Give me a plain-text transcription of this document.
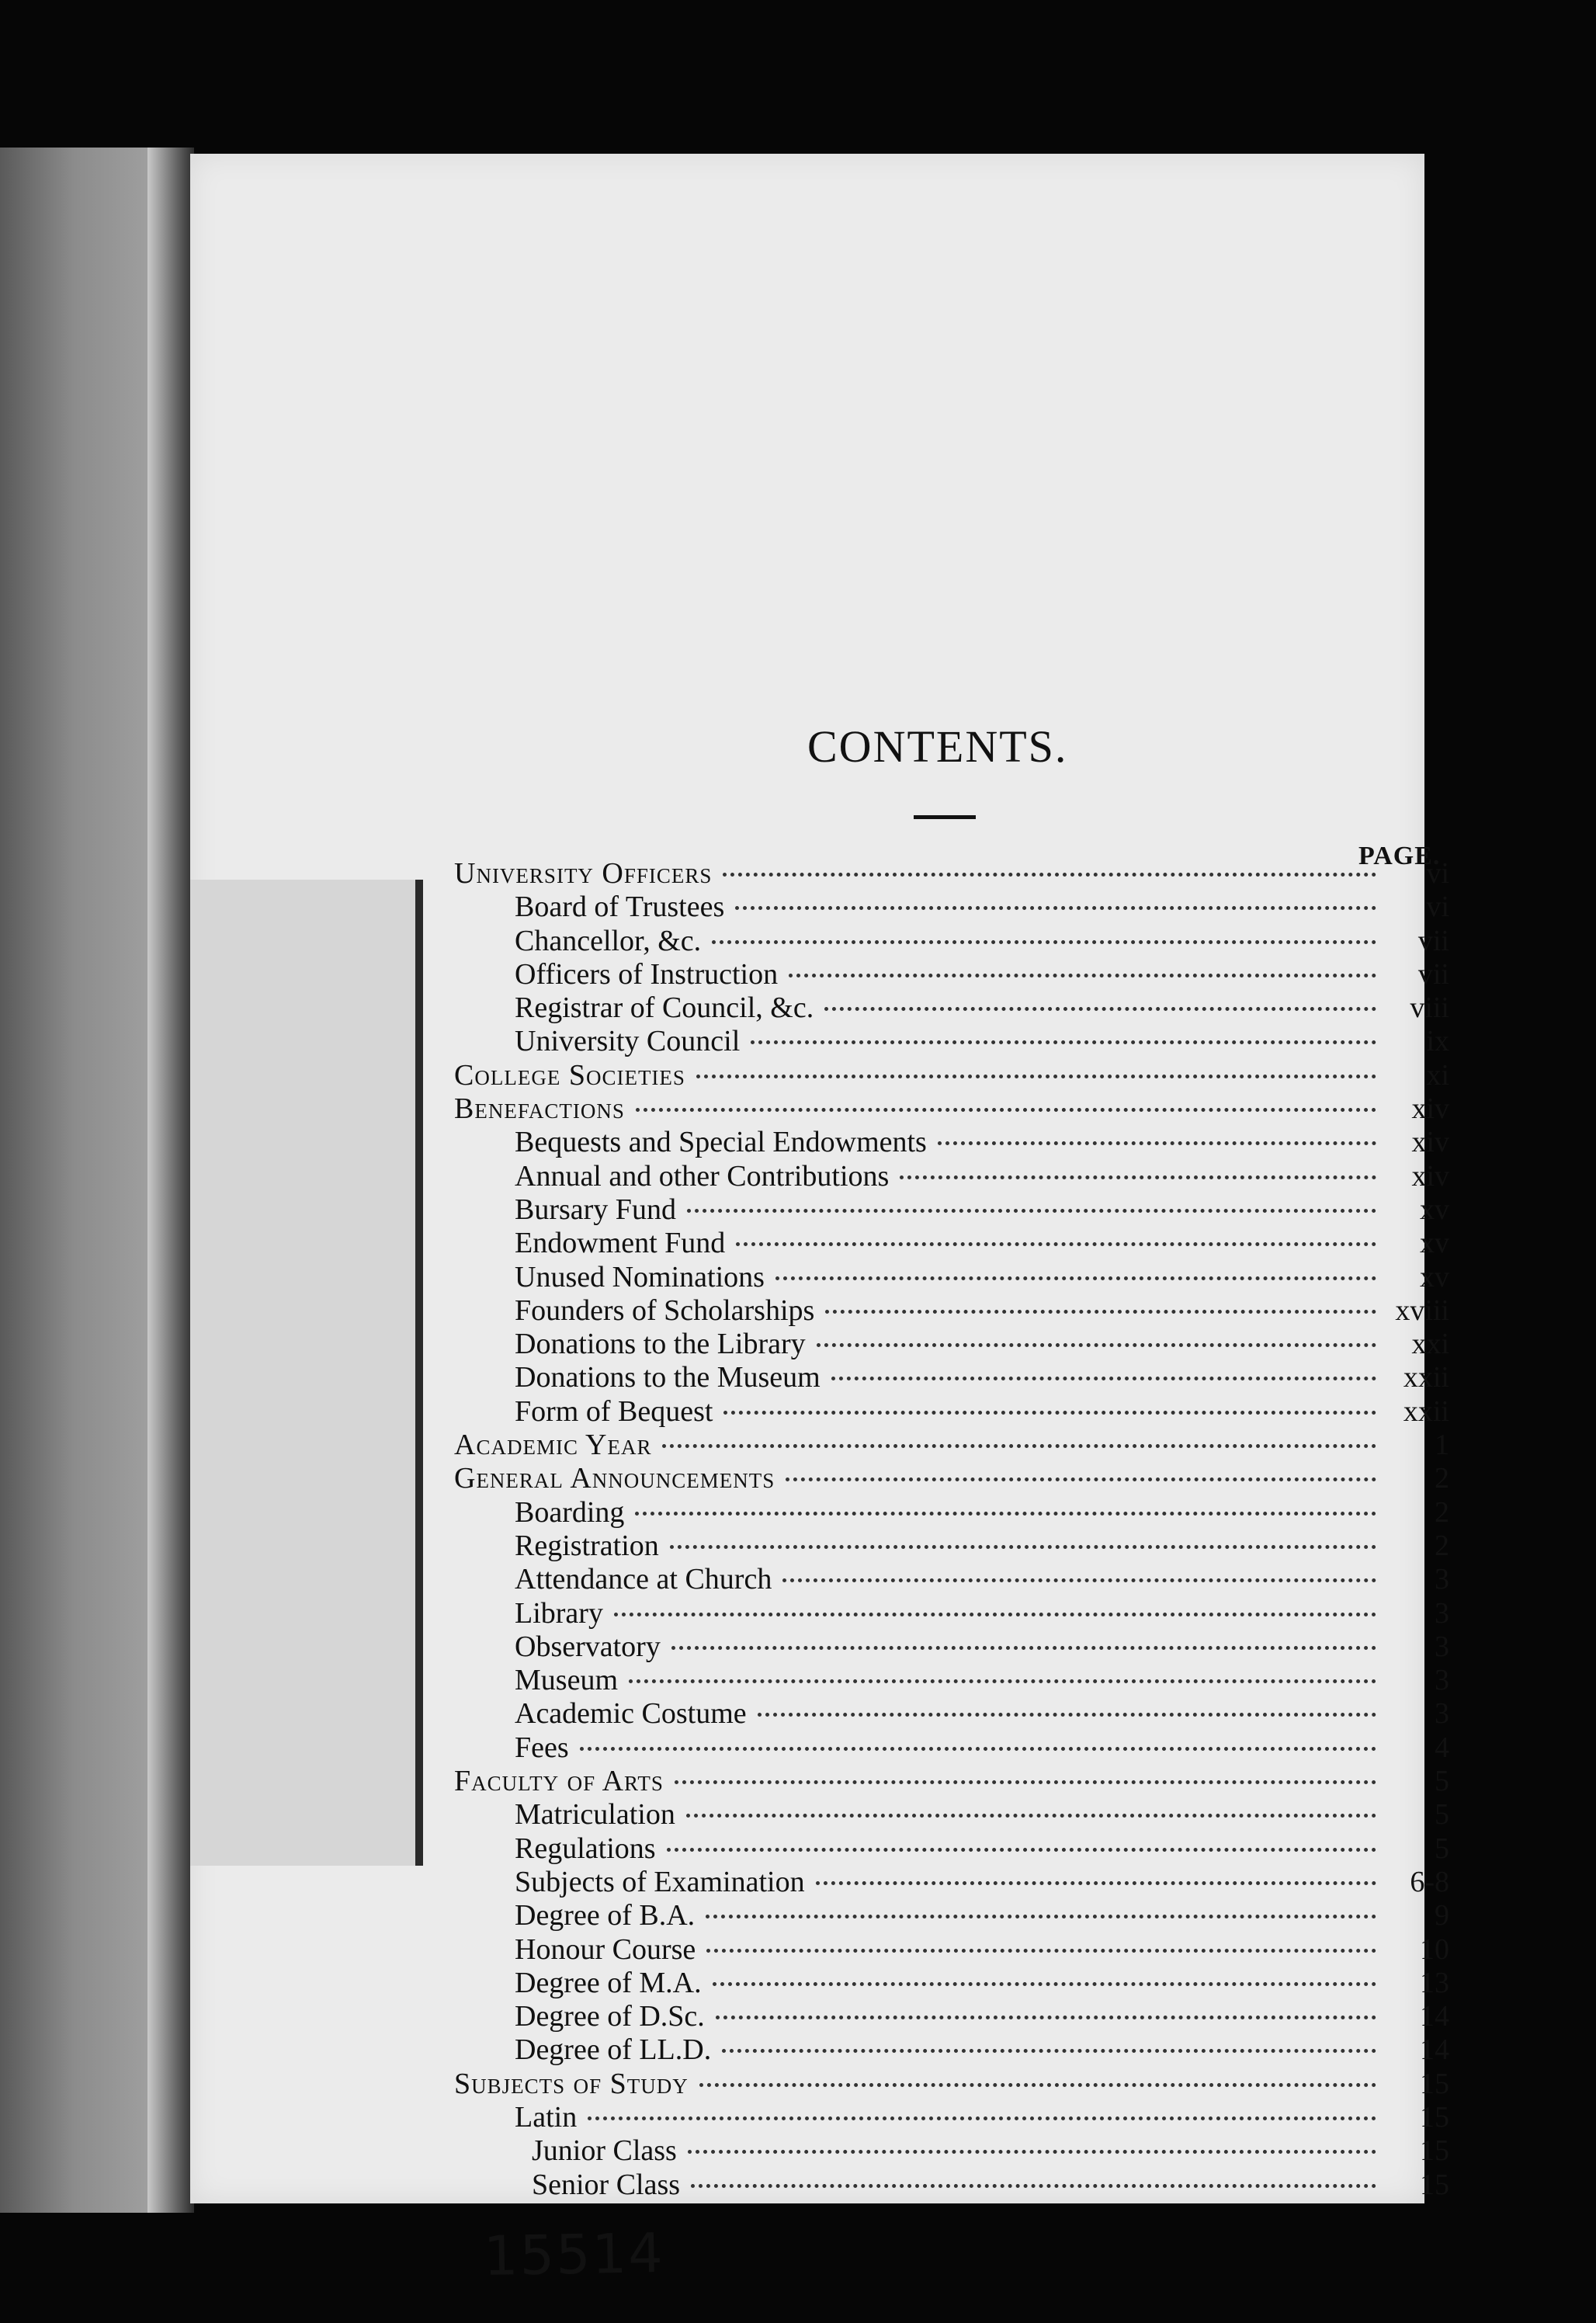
CONTENTS.
PAGE.
University Officers	vi
Board of Trustees	vi
Chancellor, &c.	vii
Officers of Instruction	vii
Registrar of Council, &c.	viii
University Council	ix
College Societies	xi
Benefactions	xiv
Bequests and Special Endowments	xiv
Annual and other Contributions	xiv
Bursary Fund	xv
Endowment Fund	xv
Unused Nominations	xv
Founders of Scholarships	xviii
Donations to the Library	xxi
Donations to the Museum	xxii
Form of Bequest	xxii
Academic Year	1
General Announcements	2
Boarding	2
Registration	2
Attendance at Church	3
Library	3
Observatory	3
Museum	3
Academic Costume	3
Fees	4
Faculty of Arts	5
Matriculation	5
Regulations	5
Subjects of Examination	6-8
Degree of B.A.	9
Honour Course	10
Degree of M.A.	13
Degree of D.Sc.	14
Degree of LL.D.	14
Subjects of Study	15
Latin	15
Junior Class	15
Senior Class	15
15514
